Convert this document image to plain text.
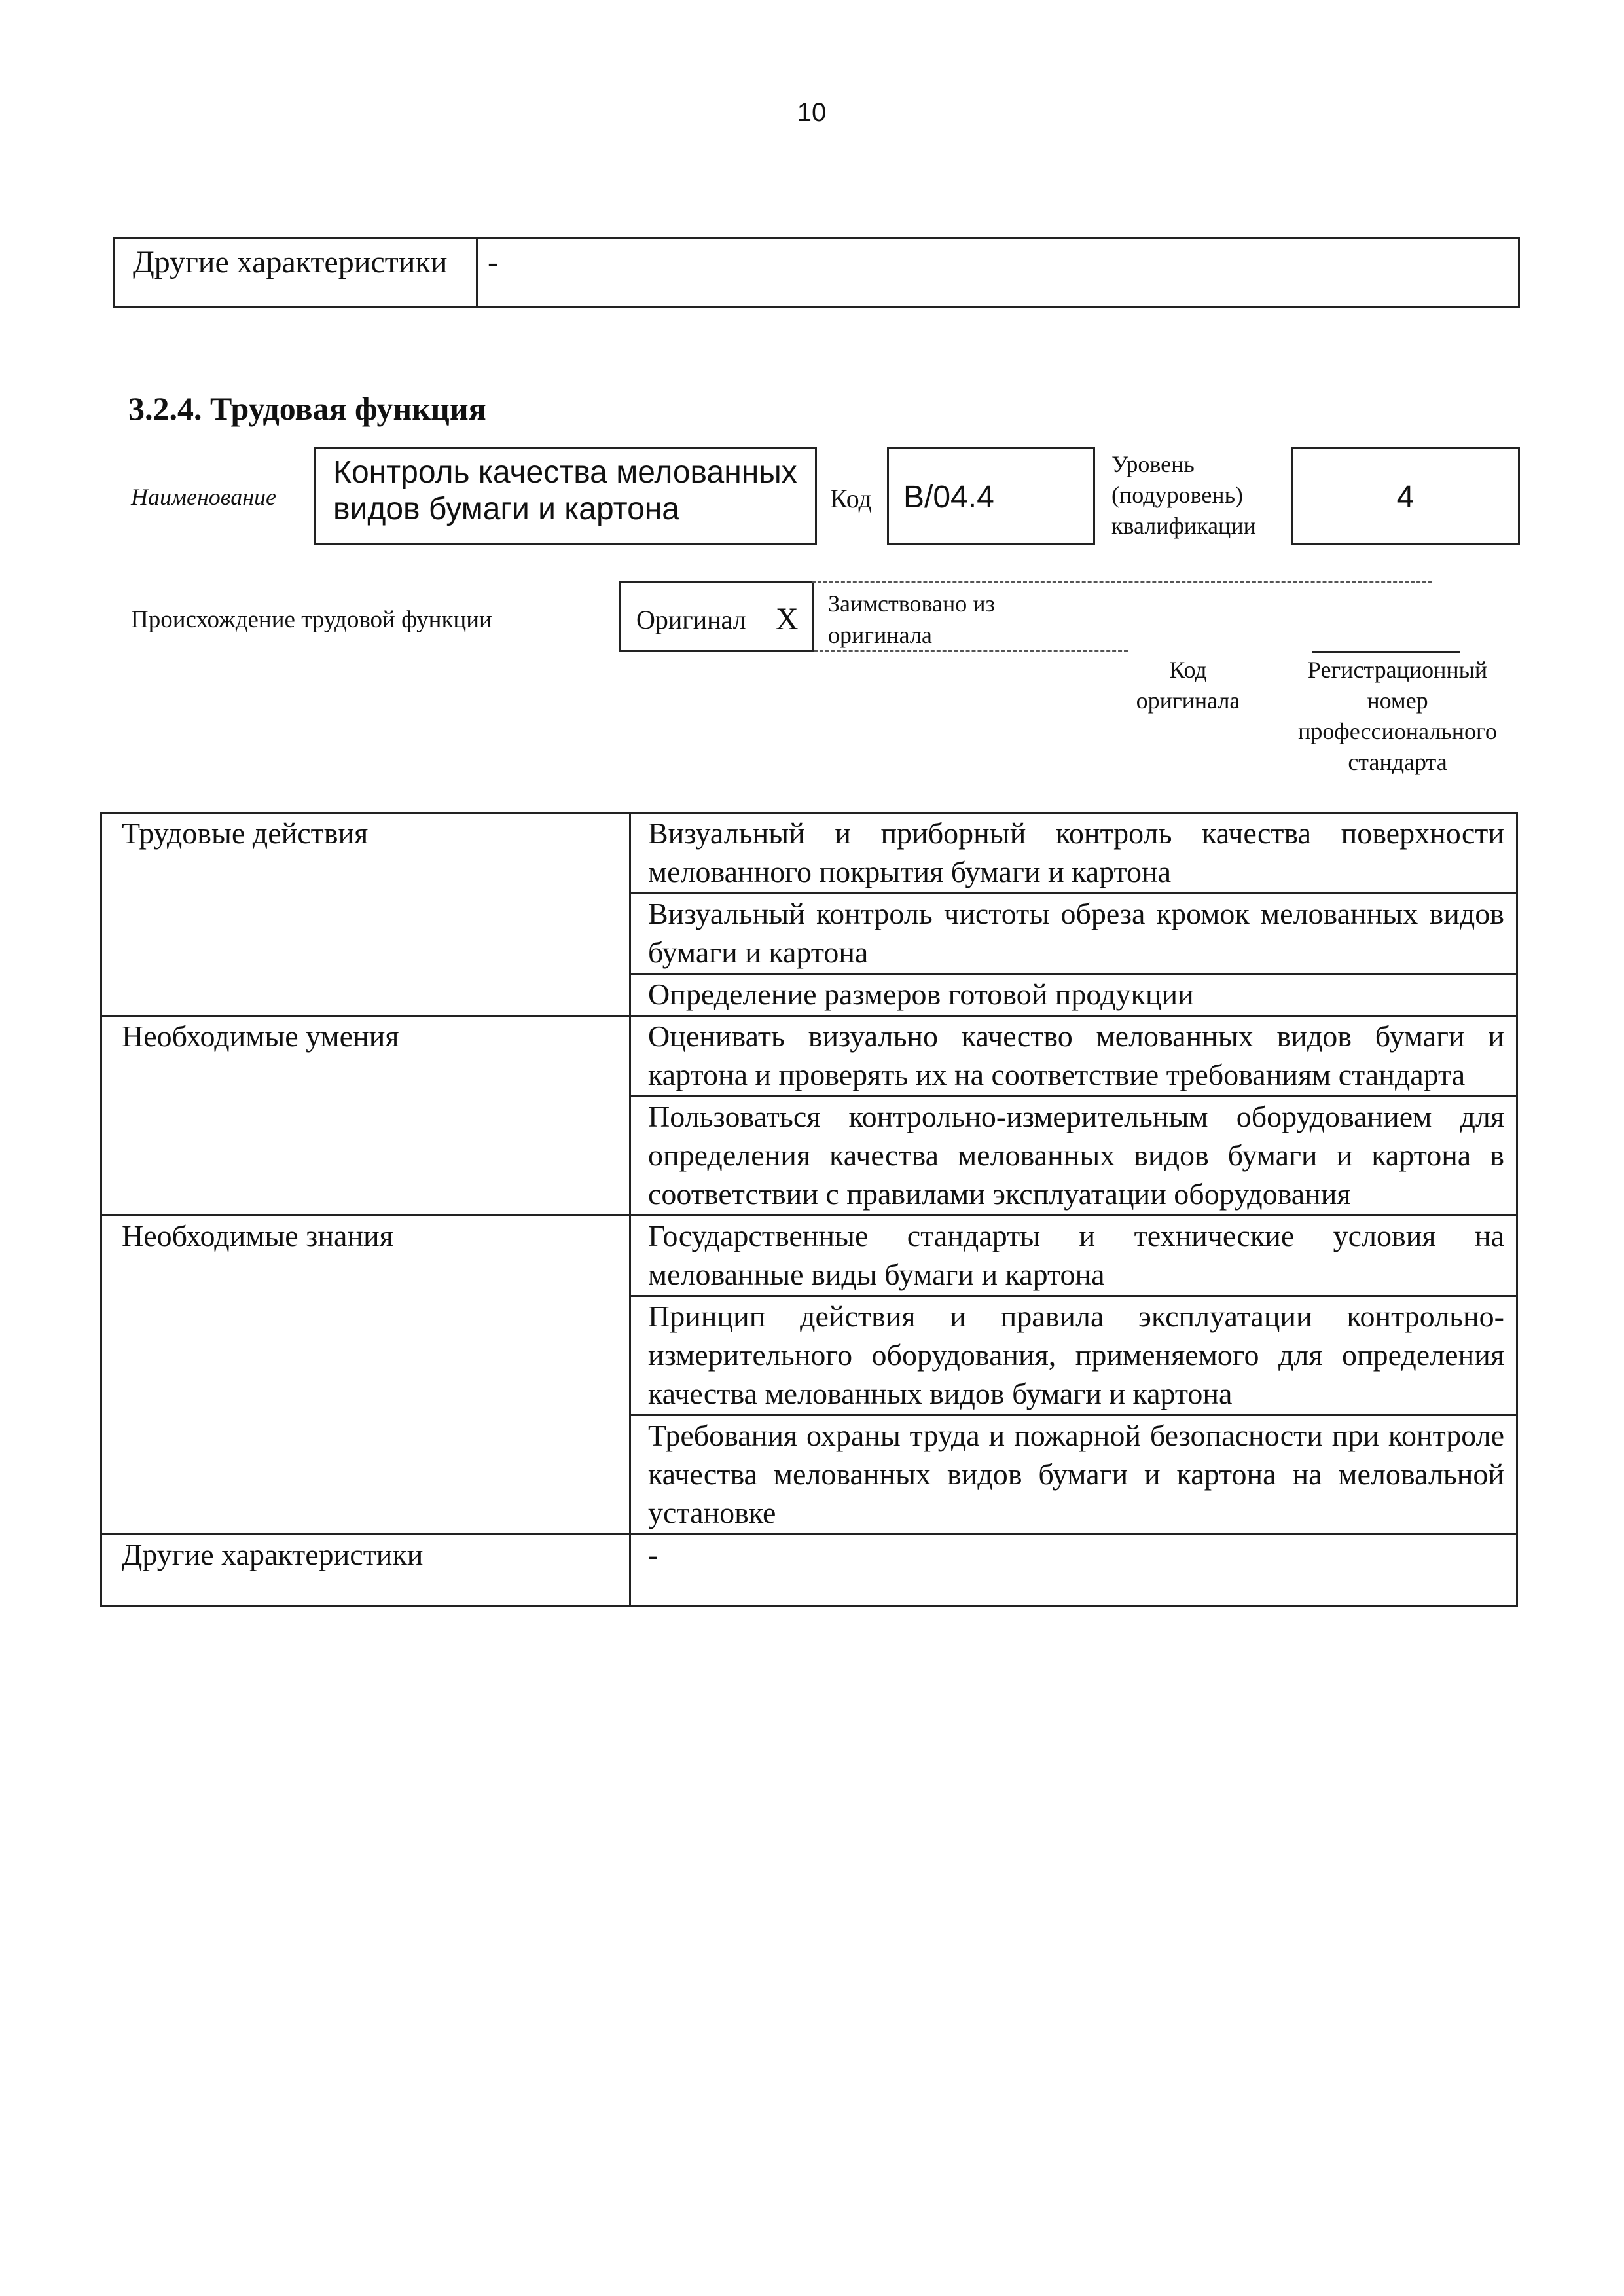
10
Другие характеристики	-
3.2.4. Трудовая функция
Наименование
Контроль качества мелованных
видов бумаги и картона	Код	B/04.4
Уровень
(подуровень)
квалификации
4
Происхождение трудовой функции	Оригинал X Заимствовано из
оригинала
Код
оригинала
Регистрационный
номер
профессионального
стандарта
Трудовые действия	Визуальный и приборный контроль качества поверхности мелованного покрытия бумаги и картона
	Визуальный контроль чистоты обреза кромок мелованных видов бумаги и картона
	Определение размеров готовой продукции
Необходимые умения	Оценивать визуально качество мелованных видов бумаги и картона и проверять их на соответствие требованиям стандарта
	Пользоваться контрольно-измерительным оборудованием для определения качества мелованных видов бумаги и картона в соответствии с правилами эксплуатации оборудования
Необходимые знания	Государственные стандарты и технические условия на мелованные виды бумаги и картона
	Принцип действия и правила эксплуатации контрольно-измерительного оборудования, применяемого для определения качества мелованных видов бумаги и картона
	Требования охраны труда и пожарной безопасности при контроле качества мелованных видов бумаги и картона на меловальной установке
Другие характеристики	-
